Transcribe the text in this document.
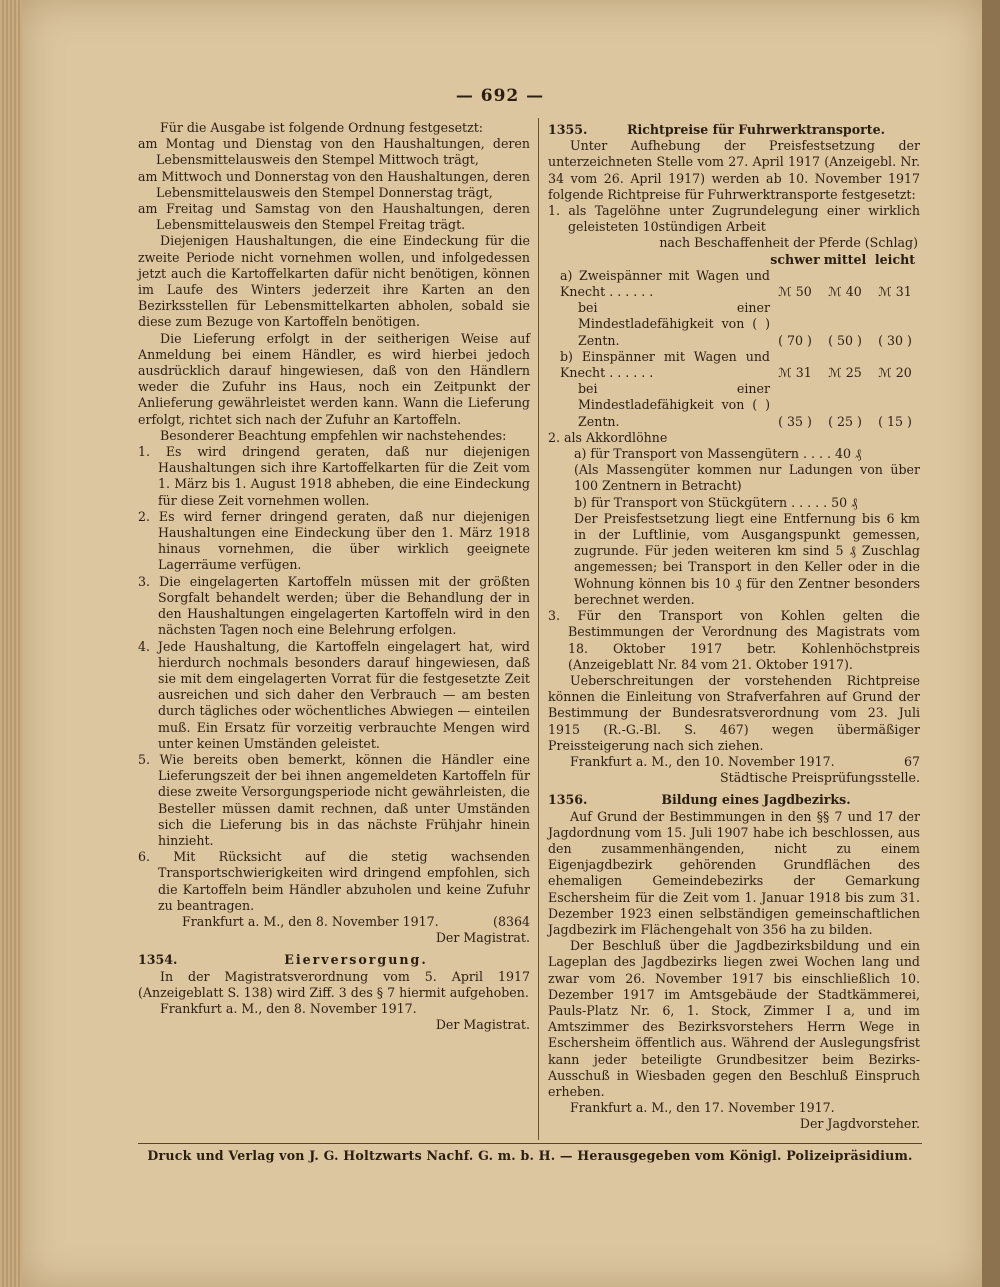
— 692 —

Für die Ausgabe ist folgende Ordnung festgesetzt:

am Montag und Dienstag von den Haushaltungen, deren Lebensmittelausweis den Stempel Mittwoch trägt,

am Mittwoch und Donnerstag von den Haushaltungen, deren Lebensmittelausweis den Stempel Donnerstag trägt,

am Freitag und Samstag von den Haushaltungen, deren Lebensmittelausweis den Stempel Freitag trägt.

Diejenigen Haushaltungen, die eine Eindeckung für die zweite Periode nicht vornehmen wollen, und infolgedessen jetzt auch die Kartoffelkarten dafür nicht benötigen, können im Laufe des Winters jederzeit ihre Karten an den Bezirksstellen für Lebensmittelkarten abholen, sobald sie diese zum Bezuge von Kartoffeln benötigen.

Die Lieferung erfolgt in der seitherigen Weise auf Anmeldung bei einem Händler, es wird hierbei jedoch ausdrücklich darauf hingewiesen, daß von den Händlern weder die Zufuhr ins Haus, noch ein Zeitpunkt der Anlieferung gewährleistet werden kann. Wann die Lieferung erfolgt, richtet sich nach der Zufuhr an Kartoffeln.

Besonderer Beachtung empfehlen wir nachstehendes:

1. Es wird dringend geraten, daß nur diejenigen Haushaltungen sich ihre Kartoffelkarten für die Zeit vom 1. März bis 1. August 1918 abheben, die eine Eindeckung für diese Zeit vornehmen wollen.

2. Es wird ferner dringend geraten, daß nur diejenigen Haushaltungen eine Eindeckung über den 1. März 1918 hinaus vornehmen, die über wirklich geeignete Lagerräume verfügen.

3. Die eingelagerten Kartoffeln müssen mit der größten Sorgfalt behandelt werden; über die Behandlung der in den Haushaltungen eingelagerten Kartoffeln wird in den nächsten Tagen noch eine Belehrung erfolgen.

4. Jede Haushaltung, die Kartoffeln eingelagert hat, wird hierdurch nochmals besonders darauf hingewiesen, daß sie mit dem eingelagerten Vorrat für die festgesetzte Zeit ausreichen und sich daher den Verbrauch — am besten durch tägliches oder wöchentliches Abwiegen — einteilen muß. Ein Ersatz für vorzeitig verbrauchte Mengen wird unter keinen Umständen geleistet.

5. Wie bereits oben bemerkt, können die Händler eine Lieferungszeit der bei ihnen angemeldeten Kartoffeln für diese zweite Versorgungsperiode nicht gewährleisten, die Besteller müssen damit rechnen, daß unter Umständen sich die Lieferung bis in das nächste Frühjahr hinein hinzieht.

6. Mit Rücksicht auf die stetig wachsenden Transportschwierigkeiten wird dringend empfohlen, sich die Kartoffeln beim Händler abzuholen und keine Zufuhr zu beantragen.

Frankfurt a. M., den 8. November 1917.	(8364

Der Magistrat.

1354.	Eierversorgung.

In der Magistratsverordnung vom 5. April 1917 (Anzeigeblatt S. 138) wird Ziff. 3 des § 7 hiermit aufgehoben.

Frankfurt a. M., den 8. November 1917.

Der Magistrat.

1355.	Richtpreise für Fuhrwerktransporte.

Unter Aufhebung der Preisfestsetzung der unterzeichneten Stelle vom 27. April 1917 (Anzeigebl. Nr. 34 vom 26. April 1917) werden ab 10. November 1917 folgende Richtpreise für Fuhrwerktransporte festgesetzt:

1. als Tagelöhne unter Zugrundelegung einer wirklich geleisteten 10stündigen Arbeit

nach Beschaffenheit der Pferde (Schlag)

schwer mittel leicht
a) Zweispänner mit Wagen und Knecht . . . . . .	ℳ 50	ℳ 40	ℳ 31
bei einer Mindestladefähigkeit von ( ) Zentn.	( 70 )	( 50 )	( 30 )
b) Einspänner mit Wagen und Knecht . . . . . .	ℳ 31	ℳ 25	ℳ 20
bei einer Mindestladefähigkeit von ( ) Zentn.	( 35 )	( 25 )	( 15 )

2. als Akkordlöhne

a) für Transport von Massengütern . . . . 40 ₰

(Als Massengüter kommen nur Ladungen von über 100 Zentnern in Betracht)

b) für Transport von Stückgütern . . . . . 50 ₰

Der Preisfestsetzung liegt eine Entfernung bis 6 km in der Luftlinie, vom Ausgangspunkt gemessen, zugrunde. Für jeden weiteren km sind 5 ₰ Zuschlag angemessen; bei Transport in den Keller oder in die Wohnung können bis 10 ₰ für den Zentner besonders berechnet werden.

3. Für den Transport von Kohlen gelten die Bestimmungen der Verordnung des Magistrats vom 18. Oktober 1917 betr. Kohlenhöchstpreis (Anzeigeblatt Nr. 84 vom 21. Oktober 1917).

Ueberschreitungen der vorstehenden Richtpreise können die Einleitung von Strafverfahren auf Grund der Bestimmung der Bundesratsverordnung vom 23. Juli 1915 (R.-G.-Bl. S. 467) wegen übermäßiger Preissteigerung nach sich ziehen.

Frankfurt a. M., den 10. November 1917.	67

Städtische Preisprüfungsstelle.

1356.	Bildung eines Jagdbezirks.

Auf Grund der Bestimmungen in den §§ 7 und 17 der Jagdordnung vom 15. Juli 1907 habe ich beschlossen, aus den zusammenhängenden, nicht zu einem Eigenjagdbezirk gehörenden Grundflächen des ehemaligen Gemeindebezirks der Gemarkung Eschersheim für die Zeit vom 1. Januar 1918 bis zum 31. Dezember 1923 einen selbständigen gemeinschaftlichen Jagdbezirk im Flächengehalt von 356 ha zu bilden.

Der Beschluß über die Jagdbezirksbildung und ein Lageplan des Jagdbezirks liegen zwei Wochen lang und zwar vom 26. November 1917 bis einschließlich 10. Dezember 1917 im Amtsgebäude der Stadtkämmerei, Pauls-Platz Nr. 6, 1. Stock, Zimmer I a, und im Amtszimmer des Bezirksvorstehers Herrn Wege in Eschersheim öffentlich aus. Während der Auslegungsfrist kann jeder beteiligte Grundbesitzer beim Bezirks-Ausschuß in Wiesbaden gegen den Beschluß Einspruch erheben.

Frankfurt a. M., den 17. November 1917.

Der Jagdvorsteher.

Druck und Verlag von J. G. Holtzwarts Nachf. G. m. b. H. — Herausgegeben vom Königl. Polizeipräsidium.
